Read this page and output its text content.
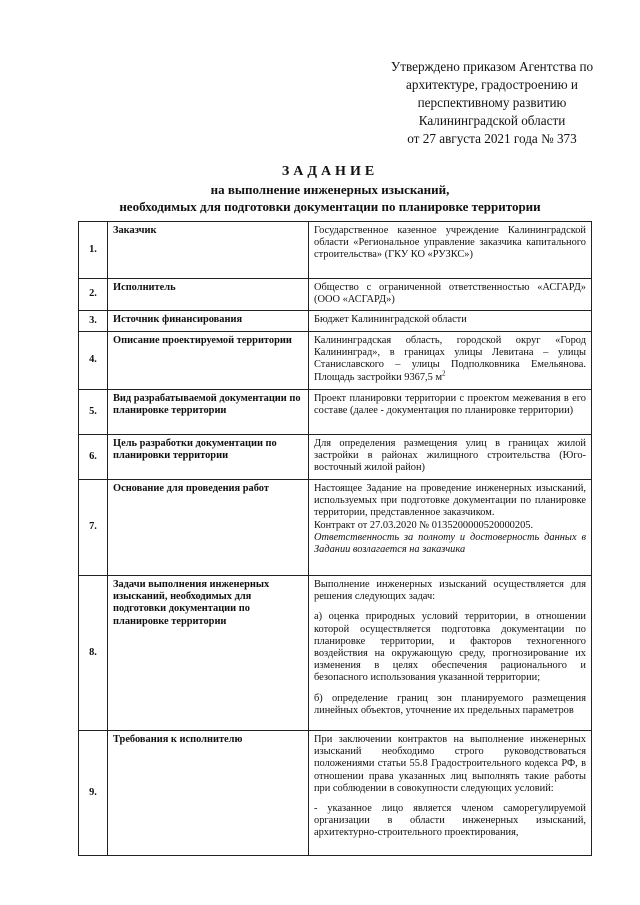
Утверждено приказом Агентства по
архитектуре, градостроению и
перспективному развитию
Калининградской области
от 27 августа 2021 года № 373
ЗАДАНИЕ
на выполнение инженерных изысканий,
необходимых для подготовки документации по планировке территории
1.	Заказчик	Государственное казенное учреждение Калининградской области «Региональное управление заказчика капитального строительства» (ГКУ КО «РУЗКС»)
2.	Исполнитель	Общество с ограниченной ответственностью «АСГАРД» (ООО «АСГАРД»)
3.	Источник финансирования	Бюджет Калининградской области
4.	Описание проектируемой территории	Калининградская область, городской округ «Город Калининград», в границах улицы Левитана – улицы Станиславского – улицы Подполковника Емельянова. Площадь застройки 9367,5 $м^2$
5.	Вид разрабатываемой документации по планировке территории	Проект планировки территории с проектом межевания в его составе (далее - документация по планировке территории)
6.	Цель разработки документации по планировки территории	Для определения размещения улиц в границах жилой застройки в районах жилищного строительства (Юго-восточный жилой район)
7.	Основание для проведения работ	Настоящее Задание на проведение инженерных изысканий, используемых при подготовке документации по планировке территории, представленное заказчиком.

Контракт от 27.03.2020 № 0135200000520000205.

Ответственность за полноту и достоверность данных в Задании возлагается на заказчика

8.	Задачи выполнения инженерных изысканий, необходимых для подготовки документации по планировке территории	Выполнение инженерных изысканий осуществляется для решения следующих задач:

а) оценка природных условий территории, в отношении которой осуществляется подготовка документации по планировке территории, и факторов техногенного воздействия на окружающую среду, прогнозирование их изменения в целях обеспечения рационального и безопасного использования указанной территории;

б) определение границ зон планируемого размещения линейных объектов, уточнение их предельных параметров

9.	Требования к исполнителю	При заключении контрактов на выполнение инженерных изысканий необходимо строго руководствоваться положениями статьи 55.8 Градостроительного кодекса РФ, в отношении права указанных лиц выполнять такие работы при соблюдении в совокупности следующих условий:

- указанное лицо является членом саморегулируемой организации в области инженерных изысканий, архитектурно-строительного проектирования,
